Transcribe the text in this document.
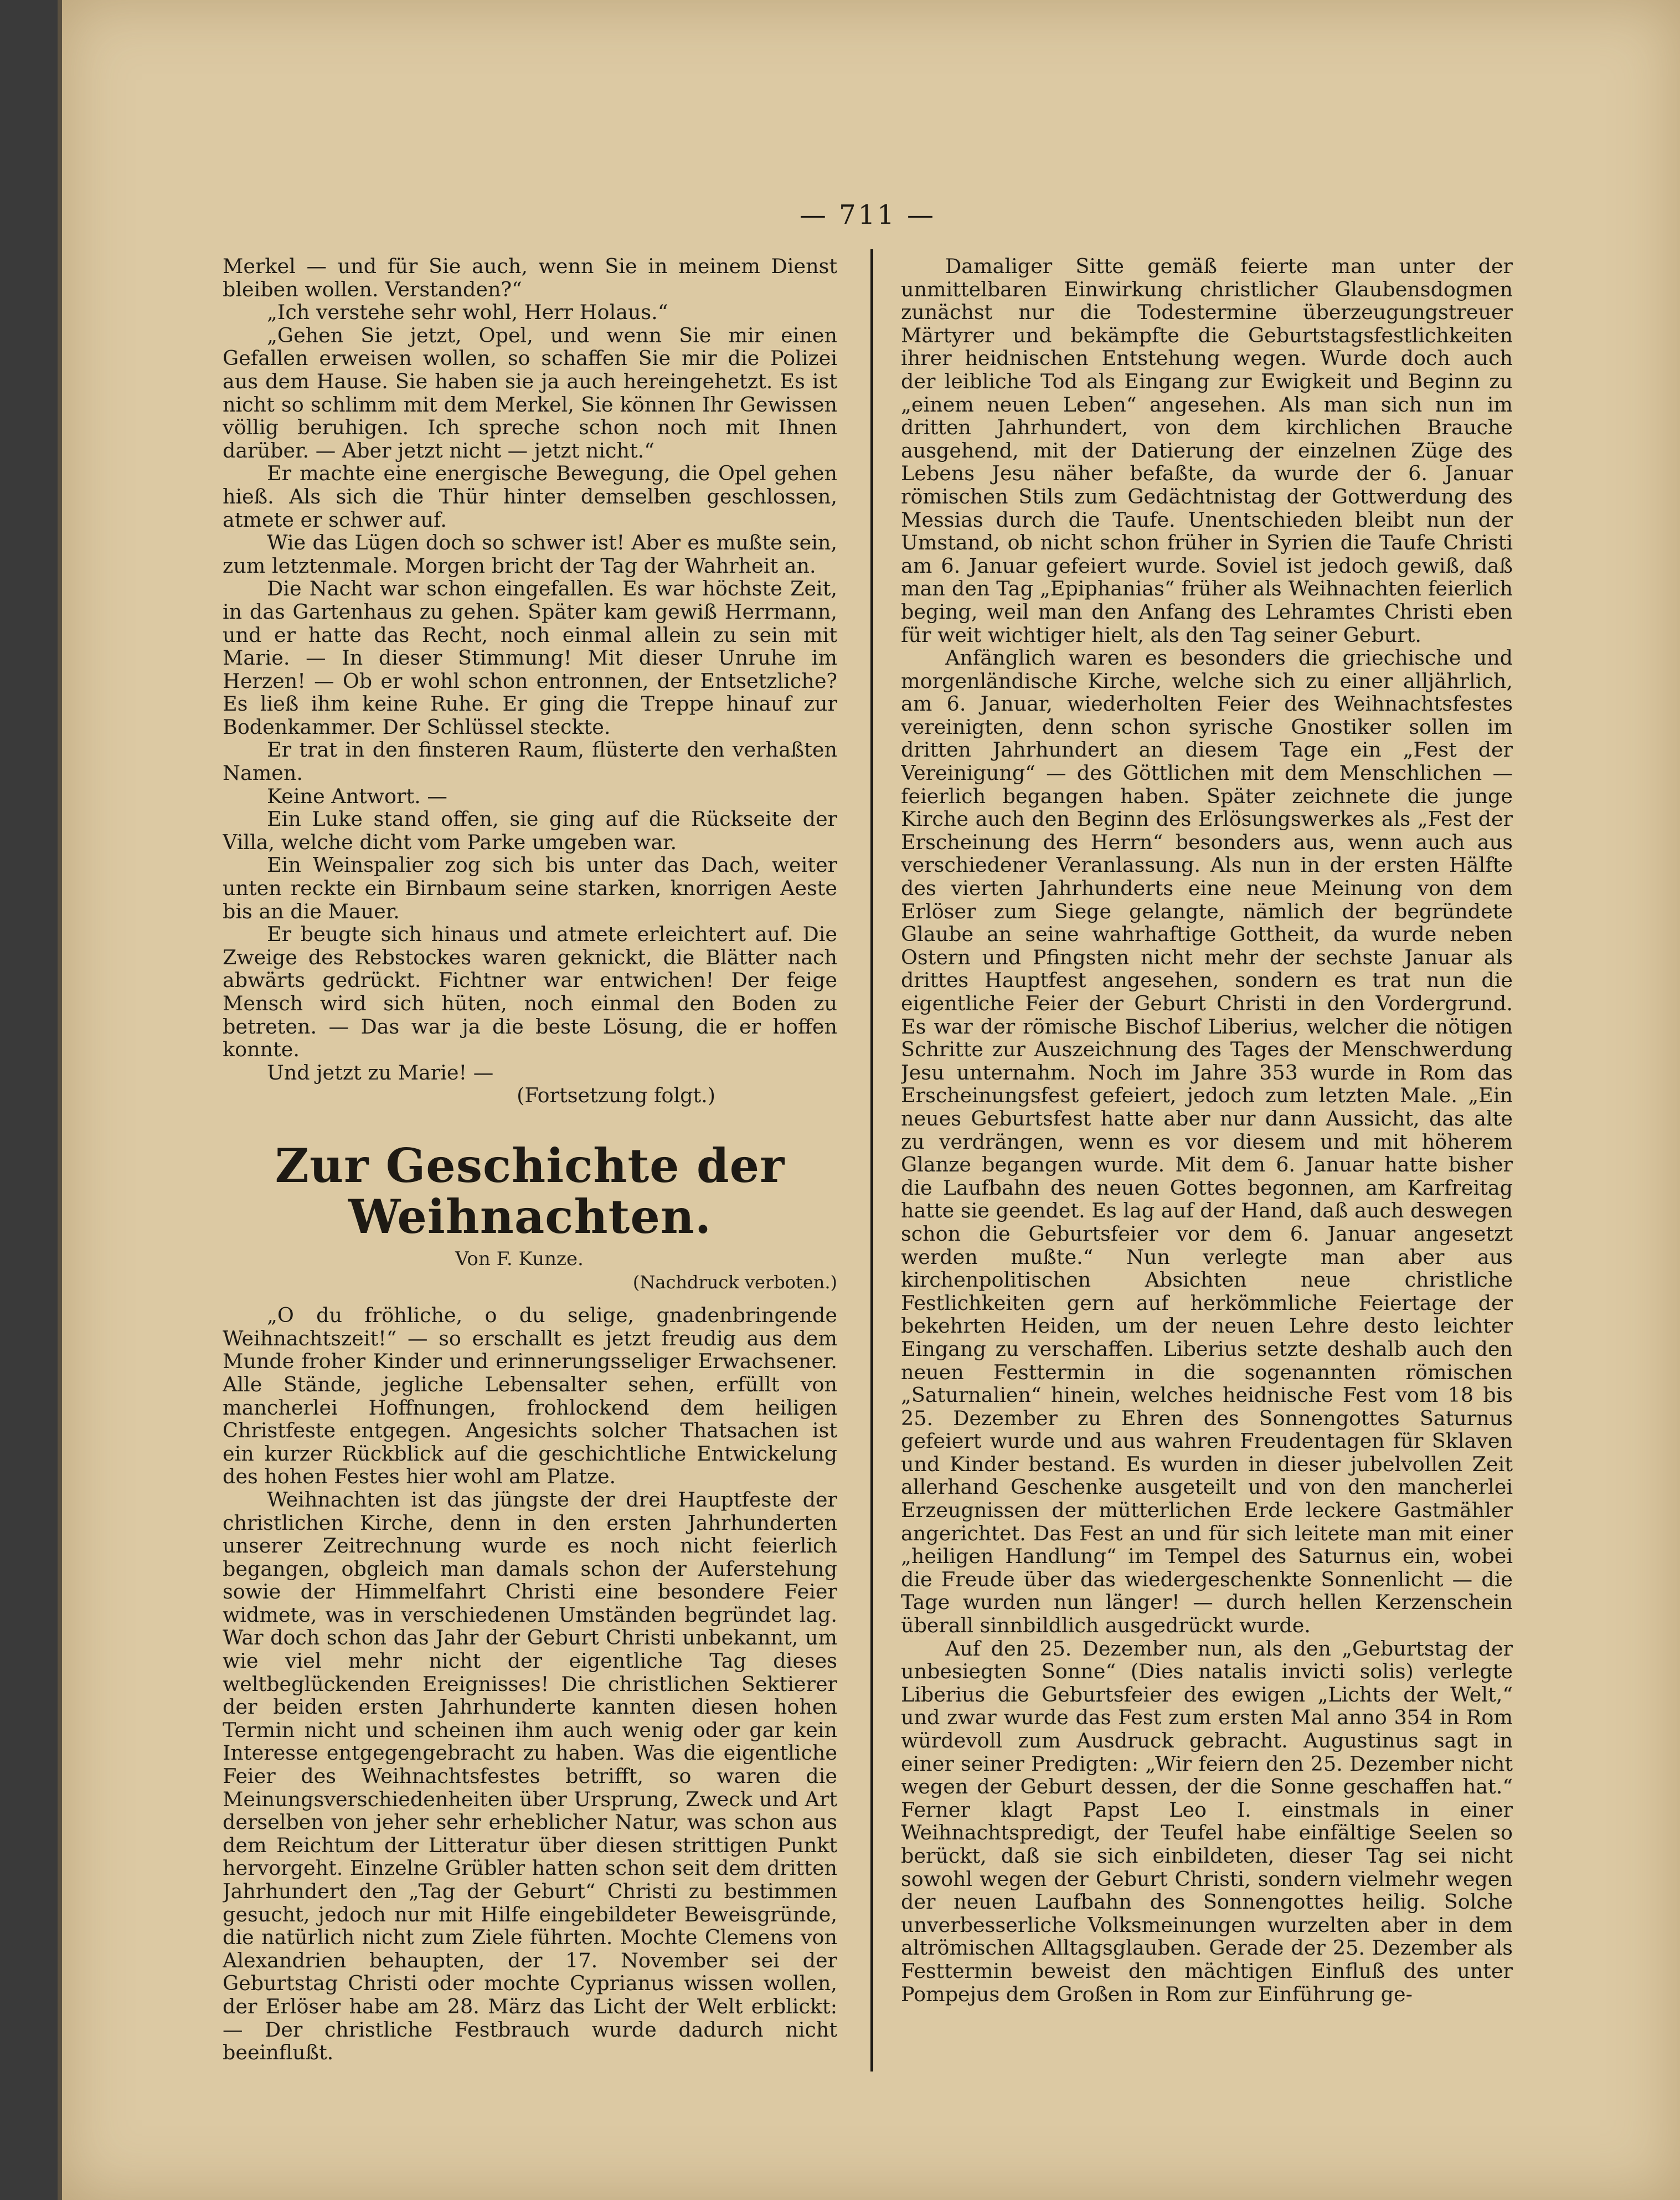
— 711 —

Merkel — und für Sie auch, wenn Sie in meinem Dienst bleiben wollen. Verstanden?“

„Ich verstehe sehr wohl, Herr Holaus.“

„Gehen Sie jetzt, Opel, und wenn Sie mir einen Gefallen erweisen wollen, so schaffen Sie mir die Polizei aus dem Hause. Sie haben sie ja auch hereingehetzt. Es ist nicht so schlimm mit dem Merkel, Sie können Ihr Gewissen völlig beruhigen. Ich spreche schon noch mit Ihnen darüber. — Aber jetzt nicht — jetzt nicht.“

Er machte eine energische Bewegung, die Opel gehen hieß. Als sich die Thür hinter demselben geschlossen, atmete er schwer auf.

Wie das Lügen doch so schwer ist! Aber es mußte sein, zum letztenmale. Morgen bricht der Tag der Wahrheit an.

Die Nacht war schon eingefallen. Es war höchste Zeit, in das Gartenhaus zu gehen. Später kam gewiß Herrmann, und er hatte das Recht, noch einmal allein zu sein mit Marie. — In dieser Stimmung! Mit dieser Unruhe im Herzen! — Ob er wohl schon entronnen, der Entsetzliche? Es ließ ihm keine Ruhe. Er ging die Treppe hinauf zur Bodenkammer. Der Schlüssel steckte.

Er trat in den finsteren Raum, flüsterte den verhaßten Namen.

Keine Antwort. —

Ein Luke stand offen, sie ging auf die Rückseite der Villa, welche dicht vom Parke umgeben war.

Ein Weinspalier zog sich bis unter das Dach, weiter unten reckte ein Birnbaum seine starken, knorrigen Aeste bis an die Mauer.

Er beugte sich hinaus und atmete erleichtert auf. Die Zweige des Rebstockes waren geknickt, die Blätter nach abwärts gedrückt. Fichtner war entwichen! Der feige Mensch wird sich hüten, noch einmal den Boden zu betreten. — Das war ja die beste Lösung, die er hoffen konnte.

Und jetzt zu Marie! —

(Fortsetzung folgt.)

Zur Geschichte der Weihnachten.

Von F. Kunze.

(Nachdruck verboten.)

„O du fröhliche, o du selige, gnadenbringende Weihnachtszeit!“ — so erschallt es jetzt freudig aus dem Munde froher Kinder und erinnerungsseliger Erwachsener. Alle Stände, jegliche Lebensalter sehen, erfüllt von mancherlei Hoffnungen, frohlockend dem heiligen Christfeste entgegen. Angesichts solcher Thatsachen ist ein kurzer Rückblick auf die geschichtliche Entwickelung des hohen Festes hier wohl am Platze.

Weihnachten ist das jüngste der drei Hauptfeste der christlichen Kirche, denn in den ersten Jahrhunderten unserer Zeitrechnung wurde es noch nicht feierlich begangen, obgleich man damals schon der Auferstehung sowie der Himmelfahrt Christi eine besondere Feier widmete, was in verschiedenen Umständen begründet lag. War doch schon das Jahr der Geburt Christi unbekannt, um wie viel mehr nicht der eigentliche Tag dieses weltbeglückenden Ereignisses! Die christlichen Sektierer der beiden ersten Jahrhunderte kannten diesen hohen Termin nicht und scheinen ihm auch wenig oder gar kein Interesse entgegengebracht zu haben. Was die eigentliche Feier des Weihnachtsfestes betrifft, so waren die Meinungsverschiedenheiten über Ursprung, Zweck und Art derselben von jeher sehr erheblicher Natur, was schon aus dem Reichtum der Litteratur über diesen strittigen Punkt hervorgeht. Einzelne Grübler hatten schon seit dem dritten Jahrhundert den „Tag der Geburt“ Christi zu bestimmen gesucht, jedoch nur mit Hilfe eingebildeter Beweisgründe, die natürlich nicht zum Ziele führten. Mochte Clemens von Alexandrien behaupten, der 17. November sei der Geburtstag Christi oder mochte Cyprianus wissen wollen, der Erlöser habe am 28. März das Licht der Welt erblickt: — Der christliche Festbrauch wurde dadurch nicht beeinflußt.

Damaliger Sitte gemäß feierte man unter der unmittelbaren Einwirkung christlicher Glaubensdogmen zunächst nur die Todestermine überzeugungstreuer Märtyrer und bekämpfte die Geburtstagsfestlichkeiten ihrer heidnischen Entstehung wegen. Wurde doch auch der leibliche Tod als Eingang zur Ewigkeit und Beginn zu „einem neuen Leben“ angesehen. Als man sich nun im dritten Jahrhundert, von dem kirchlichen Brauche ausgehend, mit der Datierung der einzelnen Züge des Lebens Jesu näher befaßte, da wurde der 6. Januar römischen Stils zum Gedächtnistag der Gottwerdung des Messias durch die Taufe. Unentschieden bleibt nun der Umstand, ob nicht schon früher in Syrien die Taufe Christi am 6. Januar gefeiert wurde. Soviel ist jedoch gewiß, daß man den Tag „Epiphanias“ früher als Weihnachten feierlich beging, weil man den Anfang des Lehramtes Christi eben für weit wichtiger hielt, als den Tag seiner Geburt.

Anfänglich waren es besonders die griechische und morgenländische Kirche, welche sich zu einer alljährlich, am 6. Januar, wiederholten Feier des Weihnachtsfestes vereinigten, denn schon syrische Gnostiker sollen im dritten Jahrhundert an diesem Tage ein „Fest der Vereinigung“ — des Göttlichen mit dem Menschlichen — feierlich begangen haben. Später zeichnete die junge Kirche auch den Beginn des Erlösungswerkes als „Fest der Erscheinung des Herrn“ besonders aus, wenn auch aus verschiedener Veranlassung. Als nun in der ersten Hälfte des vierten Jahrhunderts eine neue Meinung von dem Erlöser zum Siege gelangte, nämlich der begründete Glaube an seine wahrhaftige Gottheit, da wurde neben Ostern und Pfingsten nicht mehr der sechste Januar als drittes Hauptfest angesehen, sondern es trat nun die eigentliche Feier der Geburt Christi in den Vordergrund. Es war der römische Bischof Liberius, welcher die nötigen Schritte zur Auszeichnung des Tages der Menschwerdung Jesu unternahm. Noch im Jahre 353 wurde in Rom das Erscheinungsfest gefeiert, jedoch zum letzten Male. „Ein neues Geburtsfest hatte aber nur dann Aussicht, das alte zu verdrängen, wenn es vor diesem und mit höherem Glanze begangen wurde. Mit dem 6. Januar hatte bisher die Laufbahn des neuen Gottes begonnen, am Karfreitag hatte sie geendet. Es lag auf der Hand, daß auch deswegen schon die Geburtsfeier vor dem 6. Januar angesetzt werden mußte.“ Nun verlegte man aber aus kirchenpolitischen Absichten neue christliche Festlichkeiten gern auf herkömmliche Feiertage der bekehrten Heiden, um der neuen Lehre desto leichter Eingang zu verschaffen. Liberius setzte deshalb auch den neuen Festtermin in die sogenannten römischen „Saturnalien“ hinein, welches heidnische Fest vom 18 bis 25. Dezember zu Ehren des Sonnengottes Saturnus gefeiert wurde und aus wahren Freudentagen für Sklaven und Kinder bestand. Es wurden in dieser jubelvollen Zeit allerhand Geschenke ausgeteilt und von den mancherlei Erzeugnissen der mütterlichen Erde leckere Gastmähler angerichtet. Das Fest an und für sich leitete man mit einer „heiligen Handlung“ im Tempel des Saturnus ein, wobei die Freude über das wiedergeschenkte Sonnenlicht — die Tage wurden nun länger! — durch hellen Kerzenschein überall sinnbildlich ausgedrückt wurde.

Auf den 25. Dezember nun, als den „Geburtstag der unbesiegten Sonne“ (Dies natalis invicti solis) verlegte Liberius die Geburtsfeier des ewigen „Lichts der Welt,“ und zwar wurde das Fest zum ersten Mal anno 354 in Rom würdevoll zum Ausdruck gebracht. Augustinus sagt in einer seiner Predigten: „Wir feiern den 25. Dezember nicht wegen der Geburt dessen, der die Sonne geschaffen hat.“ Ferner klagt Papst Leo I. einstmals in einer Weihnachtspredigt, der Teufel habe einfältige Seelen so berückt, daß sie sich einbildeten, dieser Tag sei nicht sowohl wegen der Geburt Christi, sondern vielmehr wegen der neuen Laufbahn des Sonnengottes heilig. Solche unverbesserliche Volksmeinungen wurzelten aber in dem altrömischen Alltagsglauben. Gerade der 25. Dezember als Festtermin beweist den mächtigen Einfluß des unter Pompejus dem Großen in Rom zur Einführung ge-
